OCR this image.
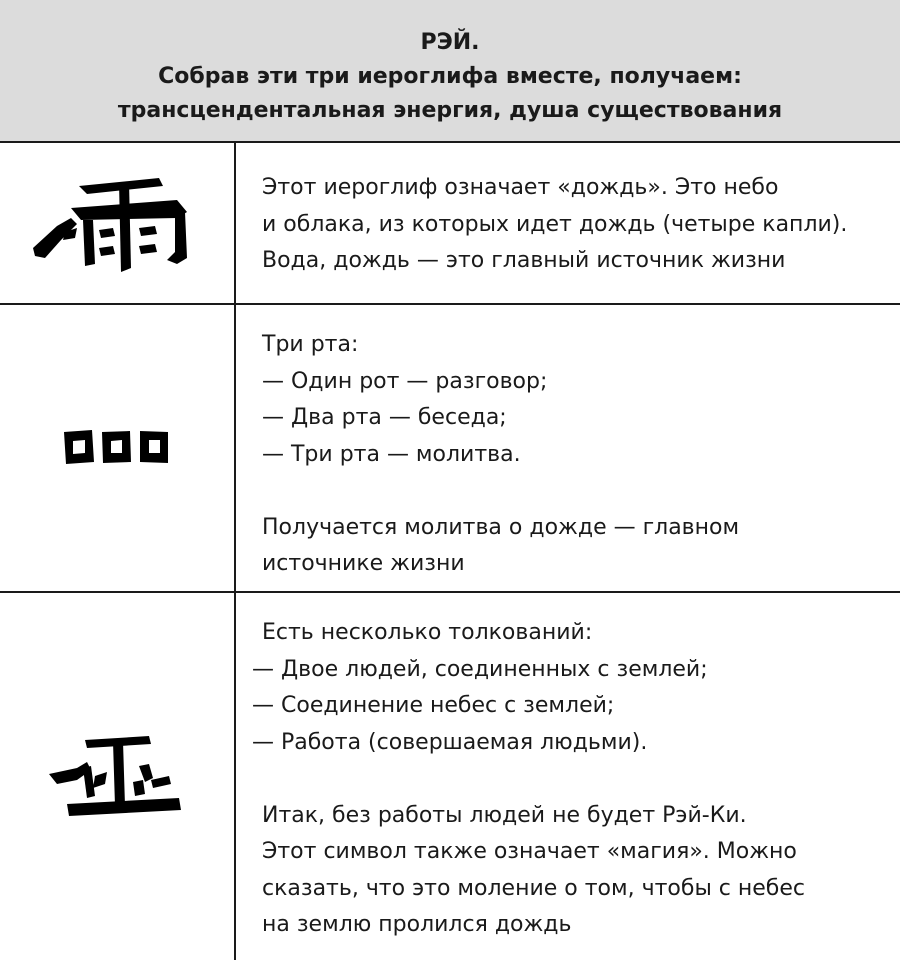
РЭЙ.
Собрав эти три иероглифа вместе, получаем:
трансцендентальная энергия, душа существования
Этот иероглиф означает «дождь». Это небо
и облака, из которых идет дождь (четыре капли).
Вода, дождь — это главный источник жизни
Три рта:
— Один рот — разговор;
— Два рта — беседа;
— Три рта — молитва.
Получается молитва о дожде — главном
источнике жизни
Есть несколько толкований:
— Двое людей, соединенных с землей;
— Соединение небес с землей;
— Работа (совершаемая людьми).
Итак, без работы людей не будет Рэй-Ки.
Этот символ также означает «магия». Можно
сказать, что это моление о том, чтобы с небес
на землю пролился дождь
